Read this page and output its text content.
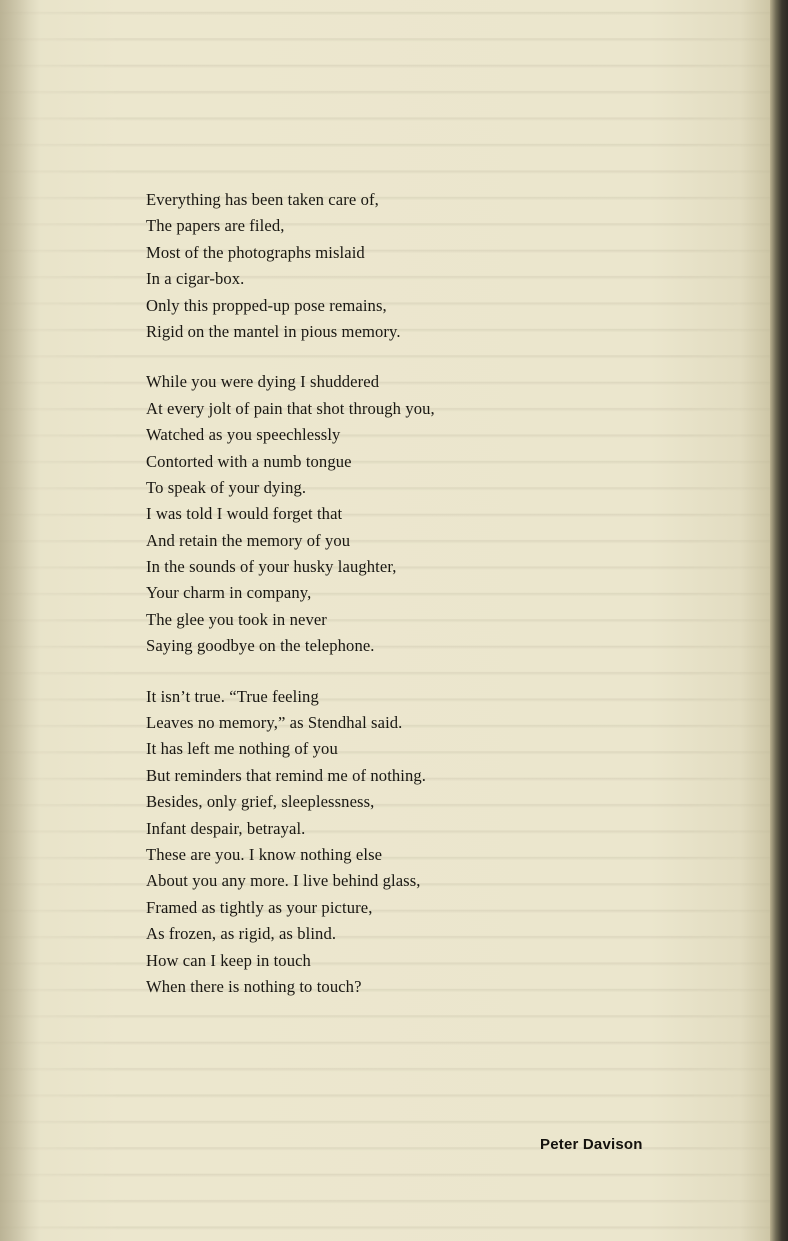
Everything has been taken care of,
The papers are filed,
Most of the photographs mislaid
In a cigar-box.
Only this propped-up pose remains,
Rigid on the mantel in pious memory.
While you were dying I shuddered
At every jolt of pain that shot through you,
Watched as you speechlessly
Contorted with a numb tongue
To speak of your dying.
I was told I would forget that
And retain the memory of you
In the sounds of your husky laughter,
Your charm in company,
The glee you took in never
Saying goodbye on the telephone.
It isn’t true. “True feeling
Leaves no memory,” as Stendhal said.
It has left me nothing of you
But reminders that remind me of nothing.
Besides, only grief, sleeplessness,
Infant despair, betrayal.
These are you. I know nothing else
About you any more. I live behind glass,
Framed as tightly as your picture,
As frozen, as rigid, as blind.
How can I keep in touch
When there is nothing to touch?
Peter Davison
